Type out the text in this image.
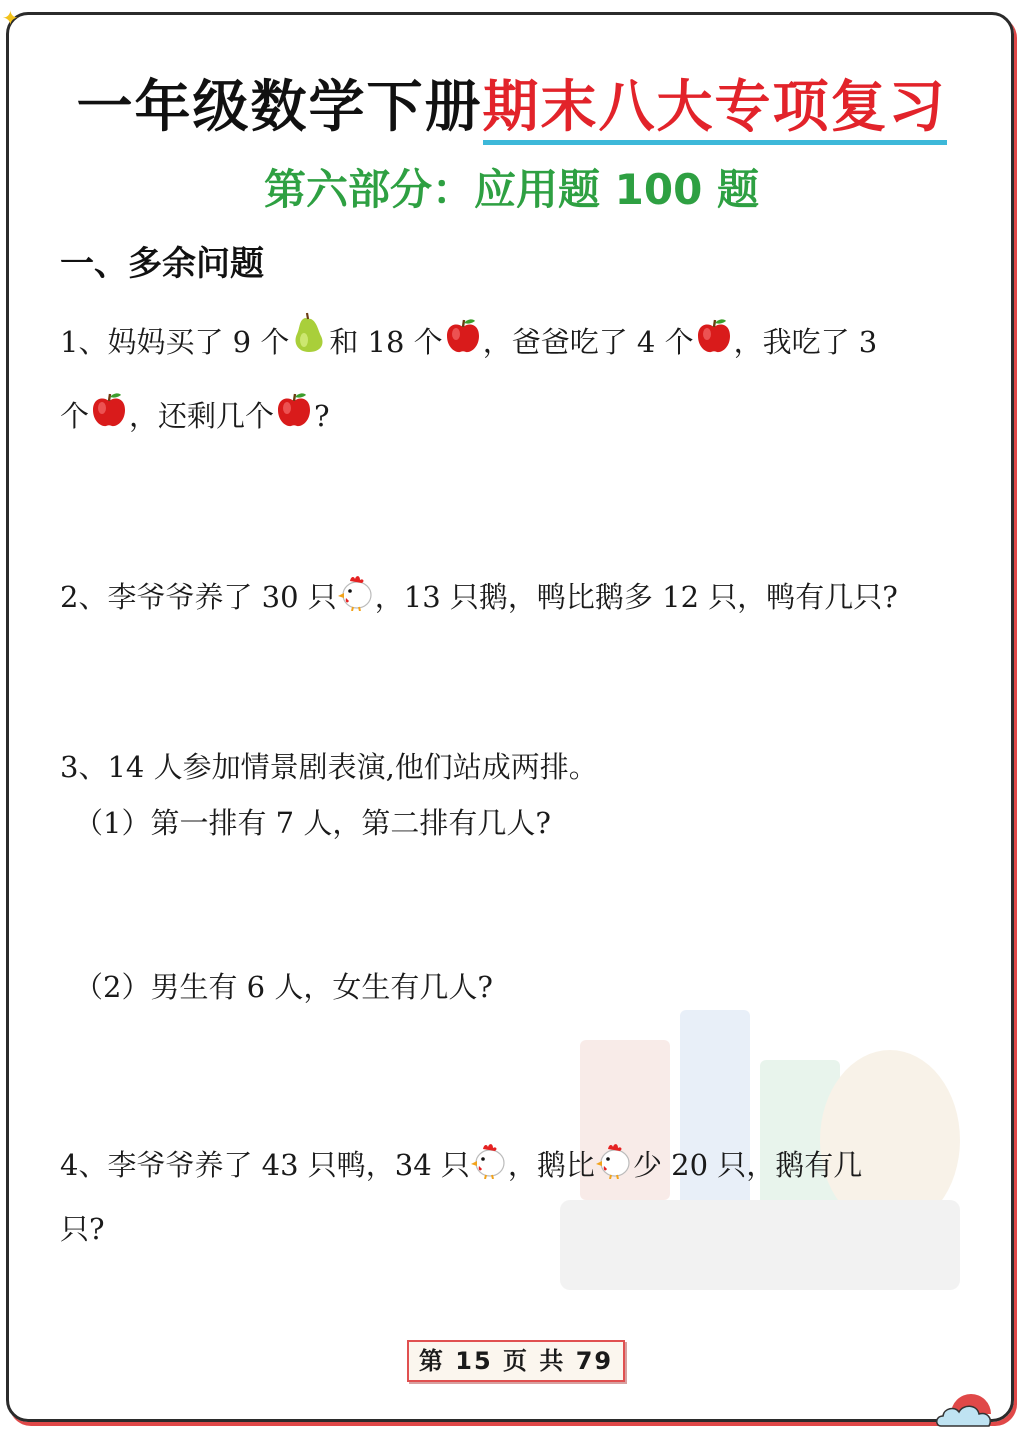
✦
一年级数学下册期末八大专项复习
第六部分：应用题 100 题
一、多余问题
1、妈妈买了 9 个 和 18 个 ，爸爸吃了 4 个 ，我吃了 3
个 ，还剩几个 ?
2、李爷爷养了 30 只 ，13 只鹅，鸭比鹅多 12 只，鸭有几只?
3、14 人参加情景剧表演,他们站成两排。
（1）第一排有 7 人，第二排有几人?
（2）男生有 6 人，女生有几人?
4、李爷爷养了 43 只鸭，34 只 ，鹅比 少 20 只，鹅有几
只?
第 15 页 共 79
